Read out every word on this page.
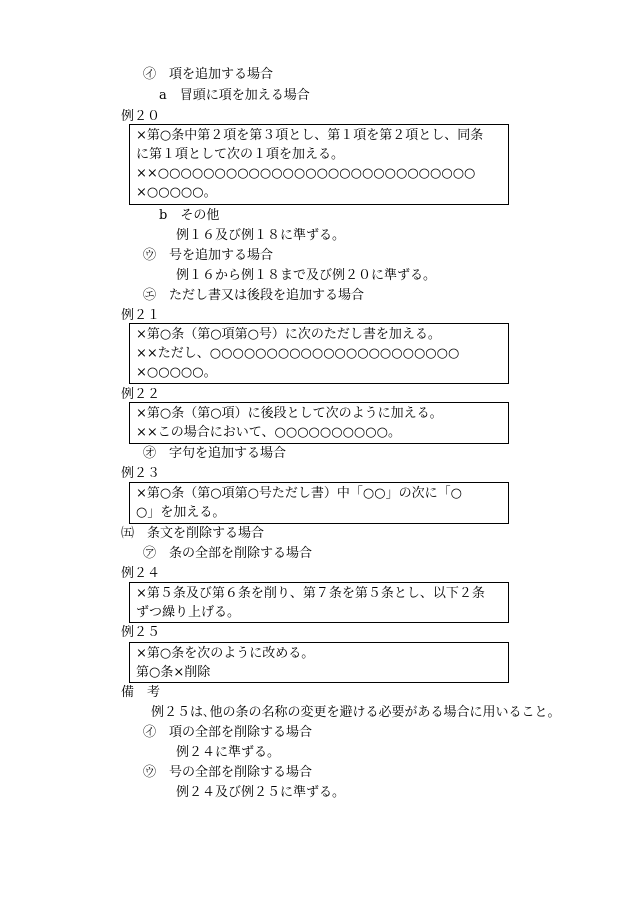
㋑　項を追加する場合
a　冒頭に項を加える場合
例２０
×第○条中第２項を第３項とし、第１項を第２項とし、同条
に第１項として次の１項を加える。
××○○○○○○○○○○○○○○○○○○○○○○○○○○○○
×○○○○○。
b　その他
例１６及び例１８に準ずる。
㋒　号を追加する場合
例１６から例１８まで及び例２０に準ずる。
㋓　ただし書又は後段を追加する場合
例２１
×第○条（第○項第○号）に次のただし書を加える。
××ただし、○○○○○○○○○○○○○○○○○○○○○○
×○○○○○。
例２２
×第○条（第○項）に後段として次のように加える。
××この場合において、○○○○○○○○○○。
㋔　字句を追加する場合
例２３
×第○条（第○項第○号ただし書）中「○○」の次に「○
○」を加える。
㈤　条文を削除する場合
㋐　条の全部を削除する場合
例２４
×第５条及び第６条を削り、第７条を第５条とし、以下２条
ずつ繰り上げる。
例２５
×第○条を次のように改める。
第○条×削除
備　考
例２５は､他の条の名称の変更を避ける必要がある場合に用いること。
㋑　項の全部を削除する場合
例２４に準ずる。
㋒　号の全部を削除する場合
例２４及び例２５に準ずる。
